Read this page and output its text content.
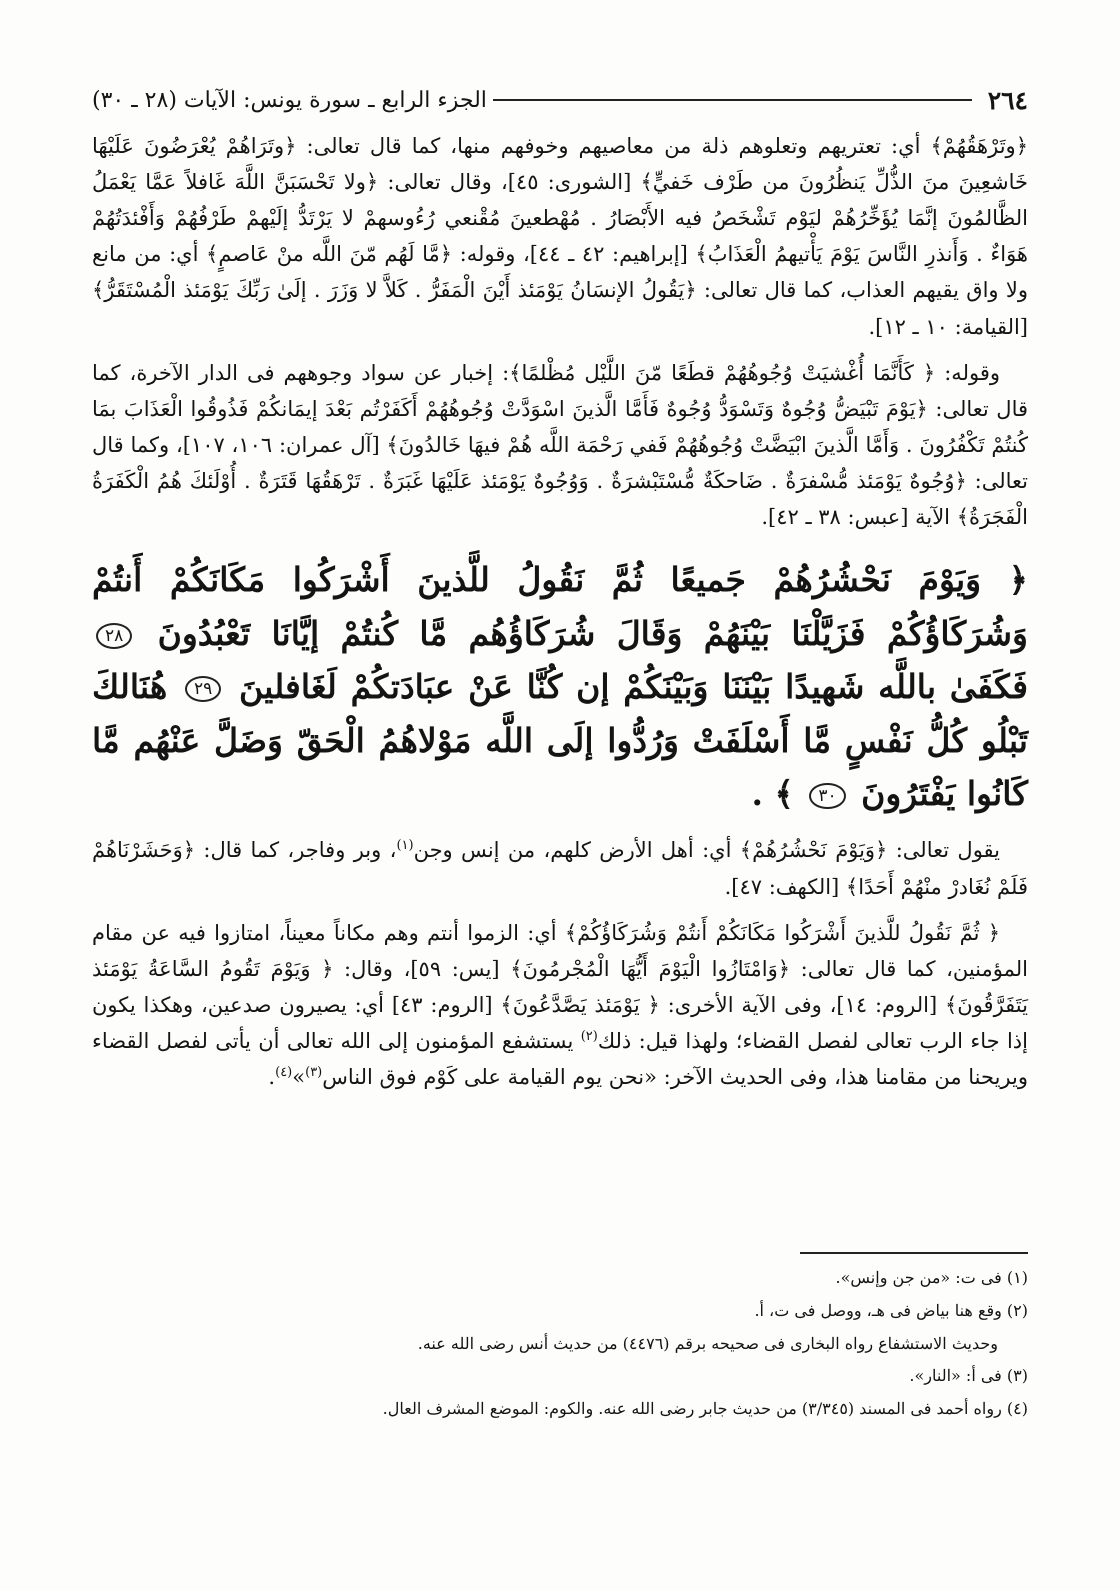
٢٦٤
الجزء الرابع ـ سورة يونس: الآيات (٢٨ ـ ٣٠)

﴿وتَرْهَقُهُمْ﴾ أي: تعتريهم وتعلوهم ذلة من معاصيهم وخوفهم منها، كما قال تعالى: ﴿وتَرَاهُمْ يُعْرَضُونَ عَلَيْهَا خَاشعِينَ منَ الذُّلِّ يَنظُرُونَ من طَرْف خَفيٍّ﴾ [الشورى: ٤٥]، وقال تعالى: ﴿ولا تَحْسَبَنَّ اللَّهَ غَافلاً عَمَّا يَعْمَلُ الظَّالمُونَ إنَّمَا يُؤَخِّرُهُمْ ليَوْم تَشْخَصُ فيه الأَبْصَارُ . مُهْطعينَ مُقْنعي رُءُوسهمْ لا يَرْتَدُّ إلَيْهمْ طَرْفُهُمْ وَأَفْئدَتُهُمْ هَوَاءٌ . وَأَنذرِ النَّاسَ يَوْمَ يَأْتيهمُ الْعَذَابُ﴾ [إبراهيم: ٤٢ ـ ٤٤]، وقوله: ﴿مَّا لَهُم مّنَ اللَّه منْ عَاصمٍ﴾ أي: من مانع ولا واق يقيهم العذاب، كما قال تعالى: ﴿يَقُولُ الإنسَانُ يَوْمَئذ أَيْنَ الْمَفَرُّ . كَلاَّ لا وَزَرَ . إلَىٰ رَبِّكَ يَوْمَئذ الْمُسْتَقَرُّ﴾ [القيامة: ١٠ ـ ١٢].

وقوله: ﴿ كَأَنَّمَا أُغْشيَتْ وُجُوهُهُمْ قطَعًا مّنَ اللَّيْل مُظْلمًا﴾: إخبار عن سواد وجوههم فى الدار الآخرة، كما قال تعالى: ﴿يَوْمَ تَبْيَضُّ وُجُوهٌ وَتَسْوَدُّ وُجُوهٌ فَأَمَّا الَّذينَ اسْوَدَّتْ وُجُوهُهُمْ أَكَفَرْتُم بَعْدَ إيمَانكُمْ فَذُوقُوا الْعَذَابَ بمَا كُنتُمْ تَكْفُرُونَ . وَأَمَّا الَّذينَ ابْيَضَّتْ وُجُوهُهُمْ فَفي رَحْمَة اللَّه هُمْ فيهَا خَالدُونَ﴾ [آل عمران: ١٠٦، ١٠٧]، وكما قال تعالى: ﴿وُجُوهٌ يَوْمَئذ مُّسْفرَةٌ . ضَاحكَةٌ مُّسْتَبْشرَةٌ . وَوُجُوهٌ يَوْمَئذ عَلَيْهَا غَبَرَةٌ . تَرْهَقُهَا قَتَرَةٌ . أُوْلَئكَ هُمُ الْكَفَرَةُ الْفَجَرَةُ﴾ الآية [عبس: ٣٨ ـ ٤٢].

﴿ وَيَوْمَ نَحْشُرُهُمْ جَميعًا ثُمَّ نَقُولُ للَّذينَ أَشْرَكُوا مَكَانَكُمْ أَنتُمْ وَشُرَكَاؤُكُمْ فَزَيَّلْنَا بَيْنَهُمْ وَقَالَ شُرَكَاؤُهُم مَّا كُنتُمْ إيَّانَا تَعْبُدُونَ ٢٨ فَكَفَىٰ باللَّه شَهيدًا بَيْنَنَا وَبَيْنَكُمْ إن كُنَّا عَنْ عبَادَتكُمْ لَغَافلينَ ٢٩ هُنَالكَ تَبْلُو كُلُّ نَفْسٍ مَّا أَسْلَفَتْ وَرُدُّوا إلَى اللَّه مَوْلاهُمُ الْحَقّ وَضَلَّ عَنْهُم مَّا كَانُوا يَفْتَرُونَ ٣٠ ﴾ .

يقول تعالى: ﴿وَيَوْمَ نَحْشُرُهُمْ﴾ أي: أهل الأرض كلهم، من إنس وجن$^{(١)}$، وبر وفاجر، كما قال: ﴿وَحَشَرْنَاهُمْ فَلَمْ نُغَادرْ منْهُمْ أَحَدًا﴾ [الكهف: ٤٧].

﴿ ثُمَّ نَقُولُ للَّذينَ أَشْرَكُوا مَكَانَكُمْ أَنتُمْ وَشُرَكَاؤُكُمْ﴾ أي: الزموا أنتم وهم مكاناً معيناً، امتازوا فيه عن مقام المؤمنين، كما قال تعالى: ﴿وَامْتَازُوا الْيَوْمَ أَيُّهَا الْمُجْرمُونَ﴾ [يس: ٥٩]، وقال: ﴿ وَيَوْمَ تَقُومُ السَّاعَةُ يَوْمَئذ يَتَفَرَّقُونَ﴾ [الروم: ١٤]، وفى الآية الأخرى: ﴿ يَوْمَئذ يَصَّدَّعُونَ﴾ [الروم: ٤٣] أي: يصيرون صدعين، وهكذا يكون إذا جاء الرب تعالى لفصل القضاء؛ ولهذا قيل: ذلك$^{(٢)}$ يستشفع المؤمنون إلى الله تعالى أن يأتى لفصل القضاء ويريحنا من مقامنا هذا، وفى الحديث الآخر: «نحن يوم القيامة على كَوْم فوق الناس$^{(٣)}$»$^{(٤)}$.

(١) فى ت: «من جن وإنس».
(٢) وقع هنا بياض فى هـ، ووصل فى ت، أ.
وحديث الاستشفاع رواه البخارى فى صحيحه برقم (٤٤٧٦) من حديث أنس رضى الله عنه.
(٣) فى أ: «النار».
(٤) رواه أحمد فى المسند (٣/٣٤٥) من حديث جابر رضى الله عنه. والكوم: الموضع المشرف العال.
